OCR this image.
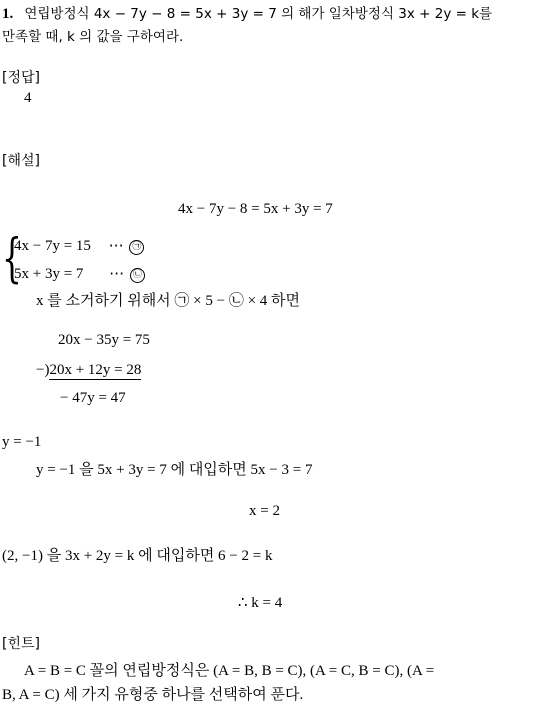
1. 연립방정식 4x − 7y − 8 = 5x + 3y = 7 의 해가 일차방정식 3x + 2y = k를
만족할 때, k 의 값을 구하여라.
[정답]
4
[해설]
4x − 7y − 8 = 5x + 3y = 7
{
4x − 7y = 15 ⋯ ㉠
5x + 3y = 7 ⋯ ㉡
x 를 소거하기 위해서 ㉠ × 5 − ㉡ × 4 하면
20x − 35y = 75
−)20x + 12y = 28
− 47y = 47
y = −1
y = −1 을 5x + 3y = 7 에 대입하면 5x − 3 = 7
x = 2
(2, −1) 을 3x + 2y = k 에 대입하면 6 − 2 = k
∴ k = 4
[힌트]
A = B = C 꼴의 연립방정식은 (A = B, B = C), (A = C, B = C), (A =
B, A = C) 세 가지 유형중 하나를 선택하여 푼다.
